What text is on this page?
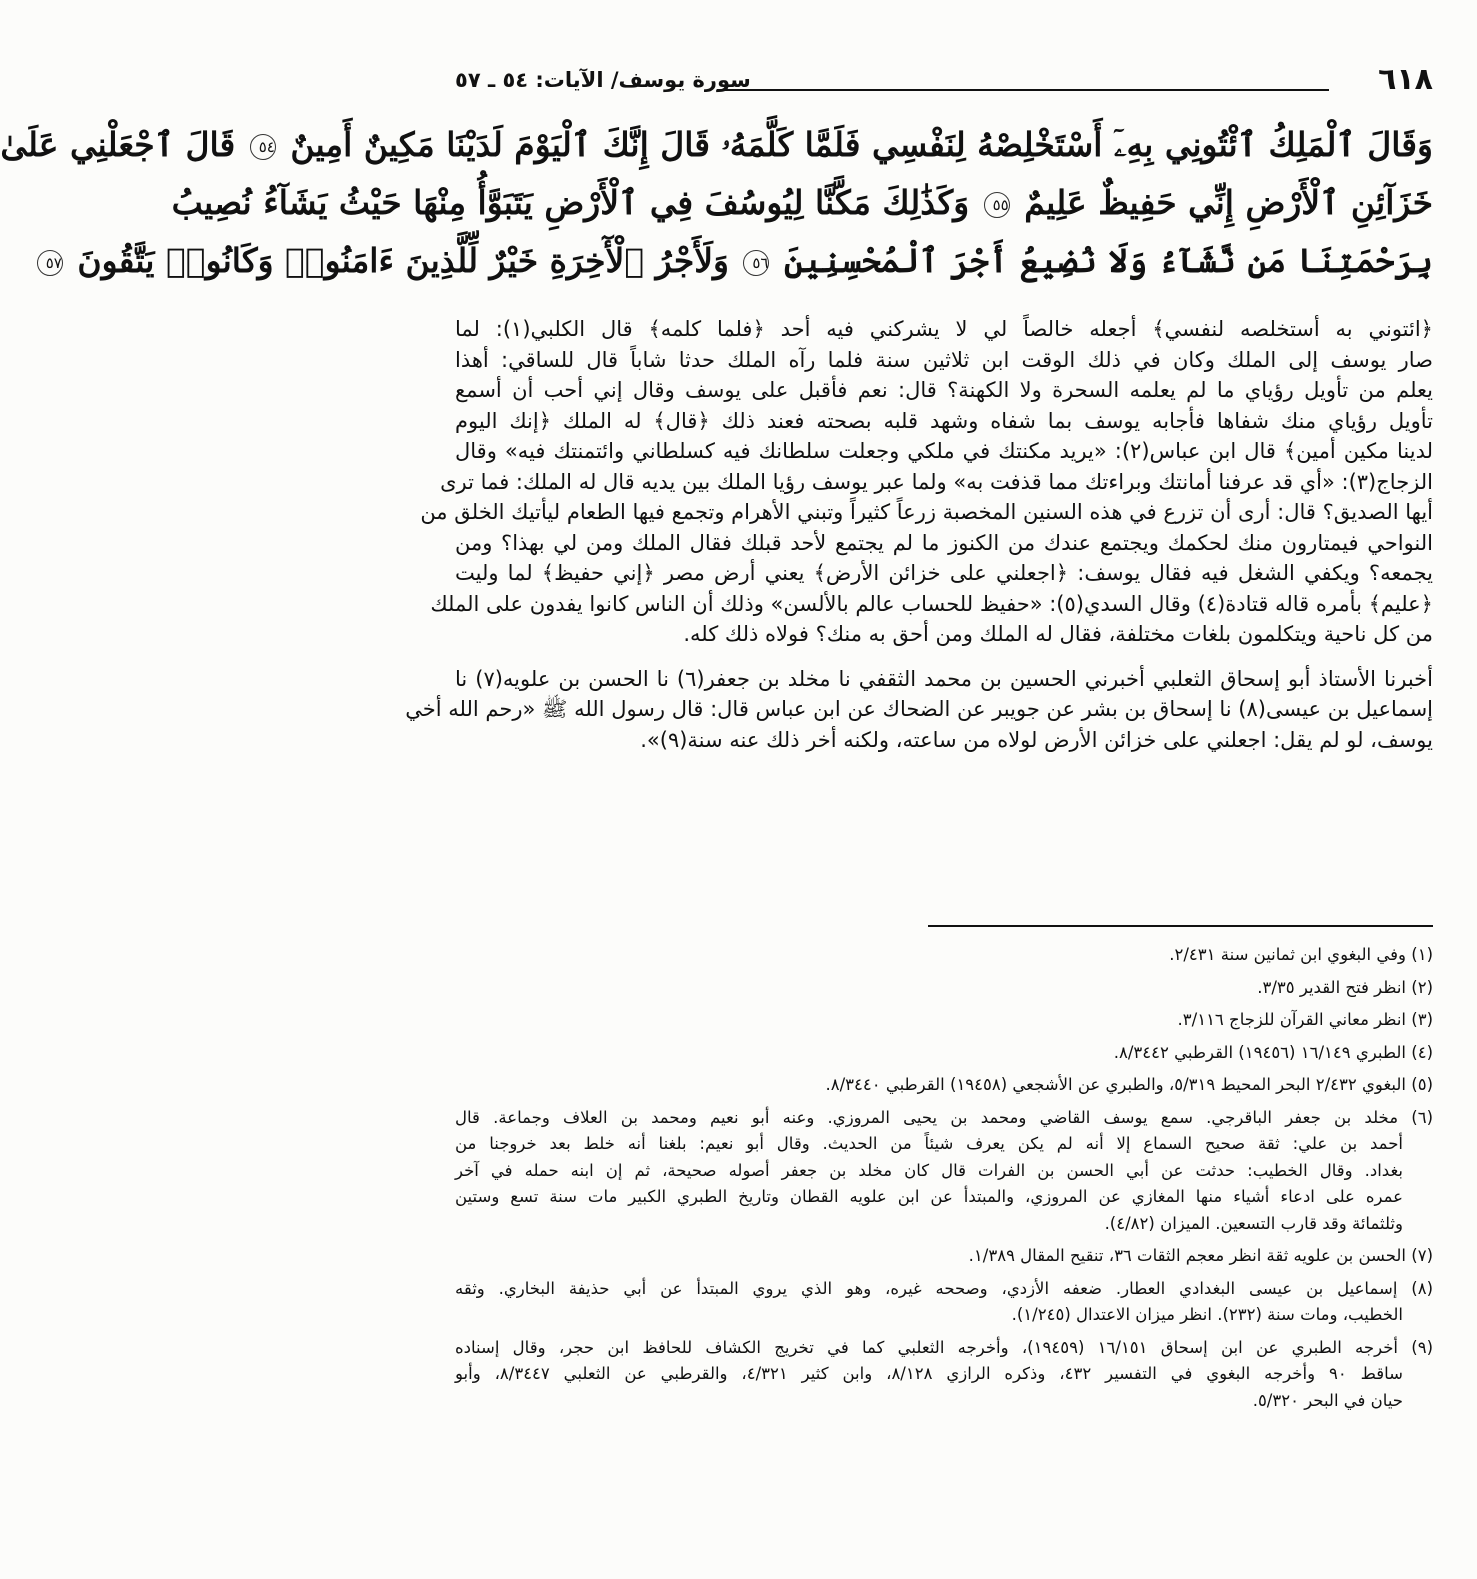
٦١٨
سورة يوسف/ الآيات: ٥٤ ـ ٥٧
وَقَالَ ٱلْمَلِكُ ٱئْتُونِي بِهِۦٓ أَسْتَخْلِصْهُ لِنَفْسِي فَلَمَّا كَلَّمَهُۥ قَالَ إِنَّكَ ٱلْيَوْمَ لَدَيْنَا مَكِينٌ أَمِينٌ ٥٤ قَالَ ٱجْعَلْنِي عَلَىٰ
خَزَآئِنِ ٱلْأَرْضِ إِنِّي حَفِيظٌ عَلِيمٌ ٥٥ وَكَذَٰلِكَ مَكَّنَّا لِيُوسُفَ فِي ٱلْأَرْضِ يَتَبَوَّأُ مِنْهَا حَيْثُ يَشَآءُ نُصِيبُ
بِرَحْمَتِنَا مَن نَّشَآءُ وَلَا نُضِيعُ أَجْرَ ٱلْمُحْسِنِينَ ٥٦ وَلَأَجْرُ ٱلْأٓخِرَةِ خَيْرٌ لِّلَّذِينَ ءَامَنُوا۟ وَكَانُوا۟ يَتَّقُونَ ٥٧
﴿ائتوني به أستخلصه لنفسي﴾ أجعله خالصاً لي لا يشركني فيه أحد ﴿فلما كلمه﴾ قال الكلبي(١): لما
صار يوسف إلى الملك وكان في ذلك الوقت ابن ثلاثين سنة فلما رآه الملك حدثا شاباً قال للساقي: أهذا
يعلم من تأويل رؤياي ما لم يعلمه السحرة ولا الكهنة؟ قال: نعم فأقبل على يوسف وقال إني أحب أن أسمع
تأويل رؤياي منك شفاها فأجابه يوسف بما شفاه وشهد قلبه بصحته فعند ذلك ﴿قال﴾ له الملك ﴿إنك اليوم
لدينا مكين أمين﴾ قال ابن عباس(٢): «يريد مكنتك في ملكي وجعلت سلطانك فيه كسلطاني وائتمنتك فيه» وقال
الزجاج(٣): «أي قد عرفنا أمانتك وبراءتك مما قذفت به» ولما عبر يوسف رؤيا الملك بين يديه قال له الملك: فما ترى
أيها الصديق؟ قال: أرى أن تزرع في هذه السنين المخصبة زرعاً كثيراً وتبني الأهرام وتجمع فيها الطعام ليأتيك الخلق من
النواحي فيمتارون منك لحكمك ويجتمع عندك من الكنوز ما لم يجتمع لأحد قبلك فقال الملك ومن لي بهذا؟ ومن
يجمعه؟ ويكفي الشغل فيه فقال يوسف: ﴿اجعلني على خزائن الأرض﴾ يعني أرض مصر ﴿إني حفيظ﴾ لما وليت
﴿عليم﴾ بأمره قاله قتادة(٤) وقال السدي(٥): «حفيظ للحساب عالم بالألسن» وذلك أن الناس كانوا يفدون على الملك
من كل ناحية ويتكلمون بلغات مختلفة، فقال له الملك ومن أحق به منك؟ فولاه ذلك كله.
أخبرنا الأستاذ أبو إسحاق الثعلبي أخبرني الحسين بن محمد الثقفي نا مخلد بن جعفر(٦) نا الحسن بن علويه(٧) نا
إسماعيل بن عيسى(٨) نا إسحاق بن بشر عن جويبر عن الضحاك عن ابن عباس قال: قال رسول الله ﷺ «رحم الله أخي
يوسف، لو لم يقل: اجعلني على خزائن الأرض لولاه من ساعته، ولكنه أخر ذلك عنه سنة(٩)».
(١) وفي البغوي ابن ثمانين سنة ٢/٤٣١.
(٢) انظر فتح القدير ٣/٣٥.
(٣) انظر معاني القرآن للزجاج ٣/١١٦.
(٤) الطبري ١٦/١٤٩ (١٩٤٥٦) القرطبي ٨/٣٤٤٢.
(٥) البغوي ٢/٤٣٢ البحر المحيط ٥/٣١٩، والطبري عن الأشجعي (١٩٤٥٨) القرطبي ٨/٣٤٤٠.
(٦) مخلد بن جعفر الباقرجي. سمع يوسف القاضي ومحمد بن يحيى المروزي. وعنه أبو نعيم ومحمد بن العلاف وجماعة. قال
أحمد بن علي: ثقة صحيح السماع إلا أنه لم يكن يعرف شيئاً من الحديث. وقال أبو نعيم: بلغنا أنه خلط بعد خروجنا من
بغداد. وقال الخطيب: حدثت عن أبي الحسن بن الفرات قال كان مخلد بن جعفر أصوله صحيحة، ثم إن ابنه حمله في آخر
عمره على ادعاء أشياء منها المغازي عن المروزي، والمبتدأ عن ابن علويه القطان وتاريخ الطبري الكبير مات سنة تسع وستين
وثلثمائة وقد قارب التسعين. الميزان (٤/٨٢).
(٧) الحسن بن علويه ثقة انظر معجم الثقات ٣٦، تنقيح المقال ١/٣٨٩.
(٨) إسماعيل بن عيسى البغدادي العطار. ضعفه الأزدي، وصححه غيره، وهو الذي يروي المبتدأ عن أبي حذيفة البخاري. وثقه
الخطيب، ومات سنة (٢٣٢). انظر ميزان الاعتدال (١/٢٤٥).
(٩) أخرجه الطبري عن ابن إسحاق ١٦/١٥١ (١٩٤٥٩)، وأخرجه الثعلبي كما في تخريج الكشاف للحافظ ابن حجر، وقال إسناده
ساقط ٩٠ وأخرجه البغوي في التفسير ٤٣٢، وذكره الرازي ٨/١٢٨، وابن كثير ٤/٣٢١، والقرطبي عن الثعلبي ٨/٣٤٤٧، وأبو
حيان في البحر ٥/٣٢٠.
